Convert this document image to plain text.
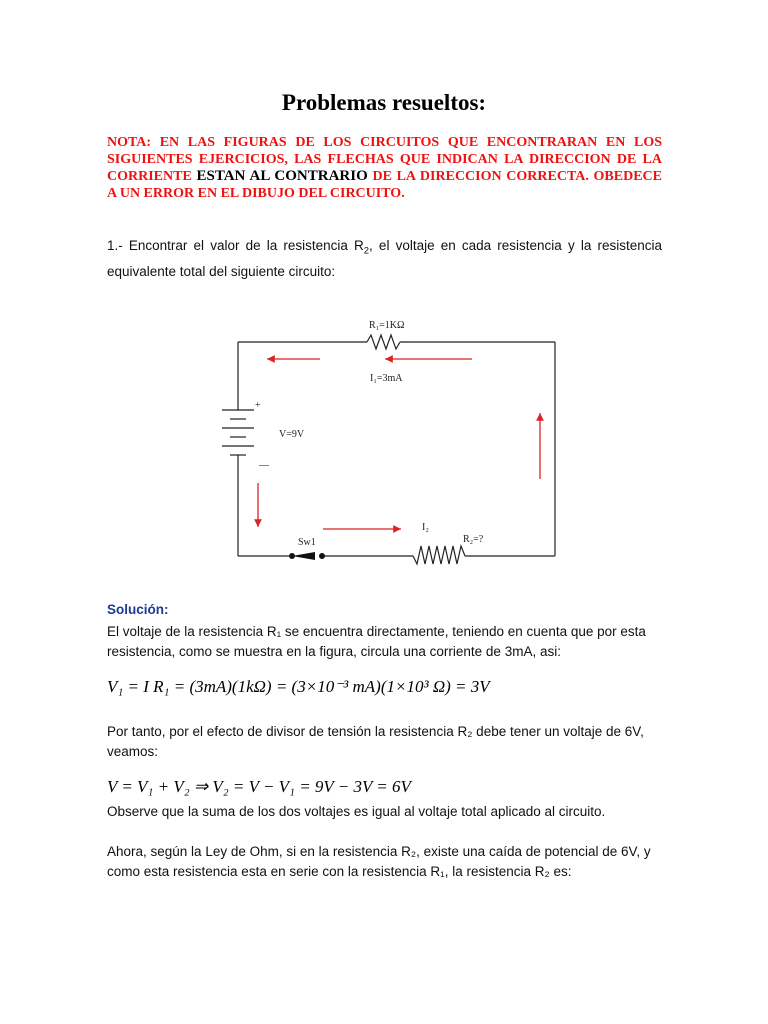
Problemas resueltos:
NOTA: EN LAS FIGURAS DE LOS CIRCUITOS QUE ENCONTRARAN EN LOS SIGUIENTES EJERCICIOS, LAS FLECHAS QUE INDICAN LA DIRECCION DE LA CORRIENTE ESTAN AL CONTRARIO DE LA DIRECCION CORRECTA. OBEDECE A UN ERROR EN EL DIBUJO DEL CIRCUITO.
1.- Encontrar el valor de la resistencia $R_2$, el voltaje en cada resistencia y la resistencia
equivalente total del siguiente circuito:
R₁=1KΩ
I₁=3mA
+
V=9V
—
Sw1
I₂
R₂=?
Solución:
El voltaje de la resistencia R₁ se encuentra directamente, teniendo en cuenta que por esta resistencia, como se muestra en la figura, circula una corriente de 3mA, asi:
V₁ = I R₁ = (3mA)(1kΩ) = (3×10⁻³ mA)(1×10³ Ω) = 3V
Por tanto, por el efecto de divisor de tensión la resistencia R₂ debe tener un voltaje de 6V, veamos:
V = V₁ + V₂ ⇒ V₂ = V − V₁ = 9V − 3V = 6V
Observe que la suma de los dos voltajes es igual al voltaje total aplicado al circuito.
Ahora, según la Ley de Ohm, si en la resistencia R₂, existe una caída de potencial de 6V, y como esta resistencia esta en serie con la resistencia R₁, la resistencia R₂ es:
